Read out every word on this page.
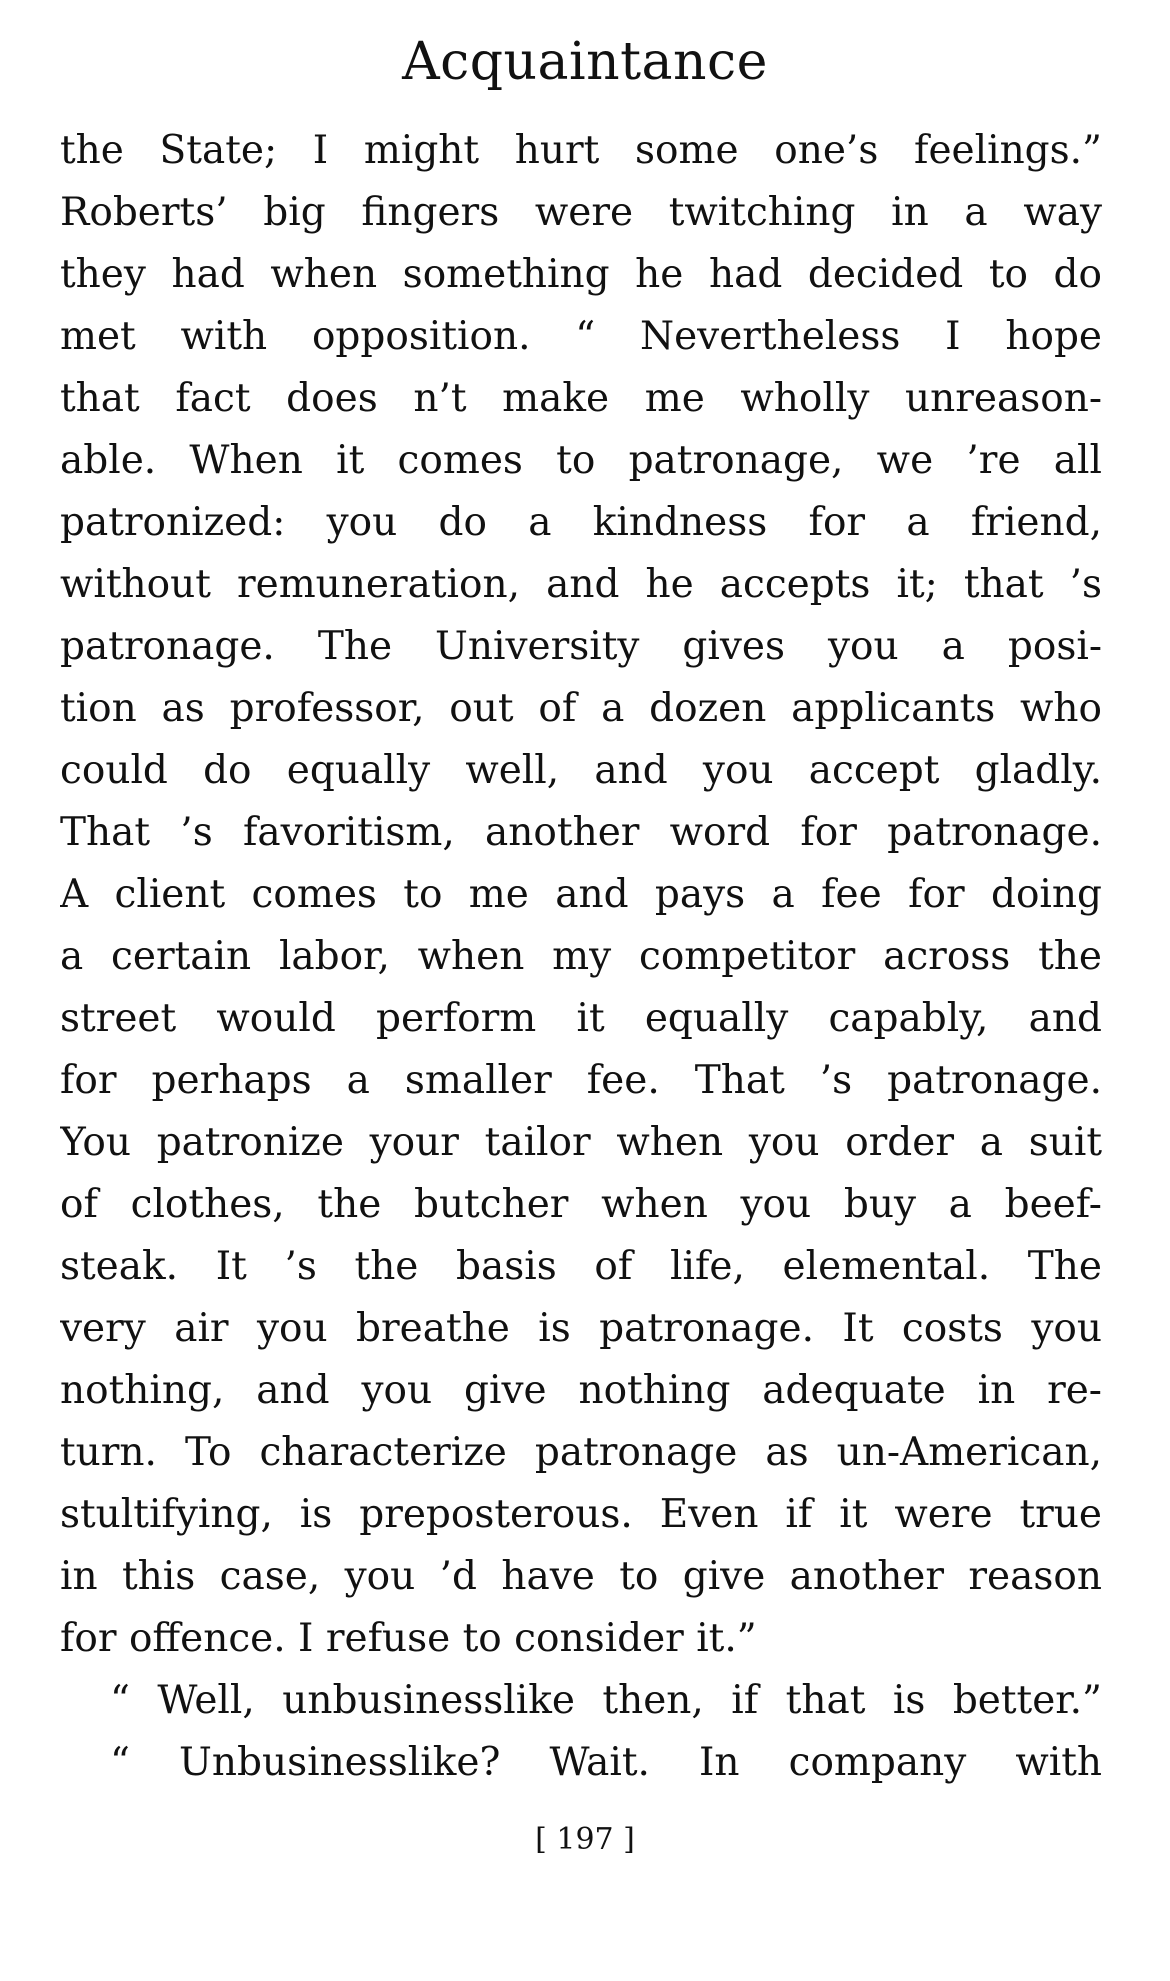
Acquaintance
the State; I might hurt some one’s feelings.”
Roberts’ big fingers were twitching in a way
they had when something he had decided to do
met with opposition. “ Nevertheless I hope
that fact does n’t make me wholly unreason-
able. When it comes to patronage, we ’re all
patronized: you do a kindness for a friend,
without remuneration, and he accepts it; that ’s
patronage. The University gives you a posi-
tion as professor, out of a dozen applicants who
could do equally well, and you accept gladly.
That ’s favoritism, another word for patronage.
A client comes to me and pays a fee for doing
a certain labor, when my competitor across the
street would perform it equally capably, and
for perhaps a smaller fee. That ’s patronage.
You patronize your tailor when you order a suit
of clothes, the butcher when you buy a beef-
steak. It ’s the basis of life, elemental. The
very air you breathe is patronage. It costs you
nothing, and you give nothing adequate in re-
turn. To characterize patronage as un-American,
stultifying, is preposterous. Even if it were true
in this case, you ’d have to give another reason
for offence. I refuse to consider it.”
“ Well, unbusinesslike then, if that is better.”
“ Unbusinesslike? Wait. In company with
[ 197 ]
